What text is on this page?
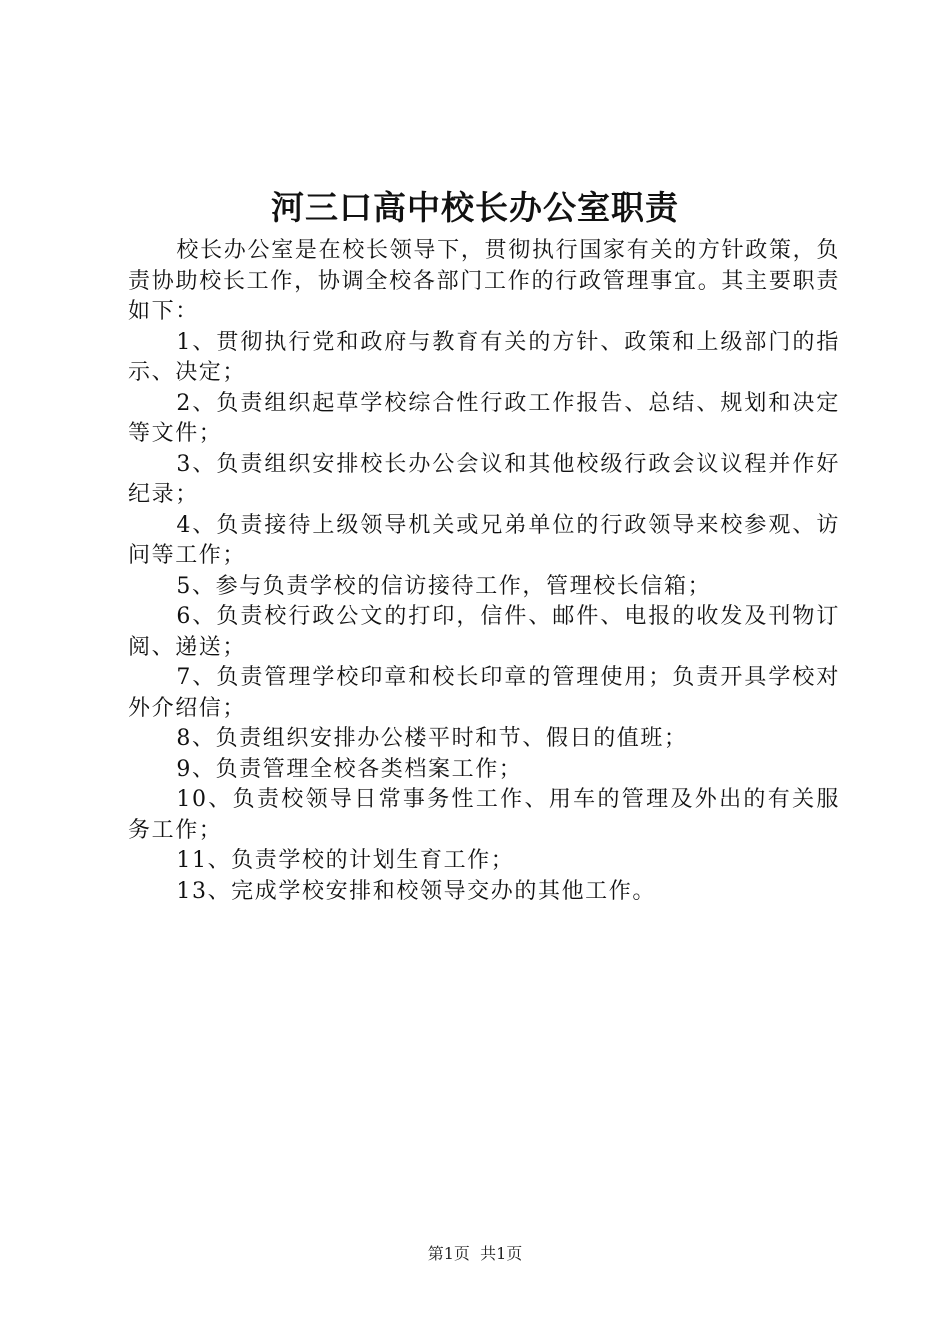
河三口高中校长办公室职责

校长办公室是在校长领导下，贯彻执行国家有关的方针政策，负责协助校长工作，协调全校各部门工作的行政管理事宜。其主要职责如下：

1、贯彻执行党和政府与教育有关的方针、政策和上级部门的指示、决定；

2、负责组织起草学校综合性行政工作报告、总结、规划和决定等文件；

3、负责组织安排校长办公会议和其他校级行政会议议程并作好纪录；

4、负责接待上级领导机关或兄弟单位的行政领导来校参观、访问等工作；

5、参与负责学校的信访接待工作，管理校长信箱；

6、负责校行政公文的打印，信件、邮件、电报的收发及刊物订阅、递送；

7、负责管理学校印章和校长印章的管理使用；负责开具学校对外介绍信；

8、负责组织安排办公楼平时和节、假日的值班；

9、负责管理全校各类档案工作；

10、负责校领导日常事务性工作、用车的管理及外出的有关服务工作；

11、负责学校的计划生育工作；

13、完成学校安排和校领导交办的其他工作。

第1页 共1页
